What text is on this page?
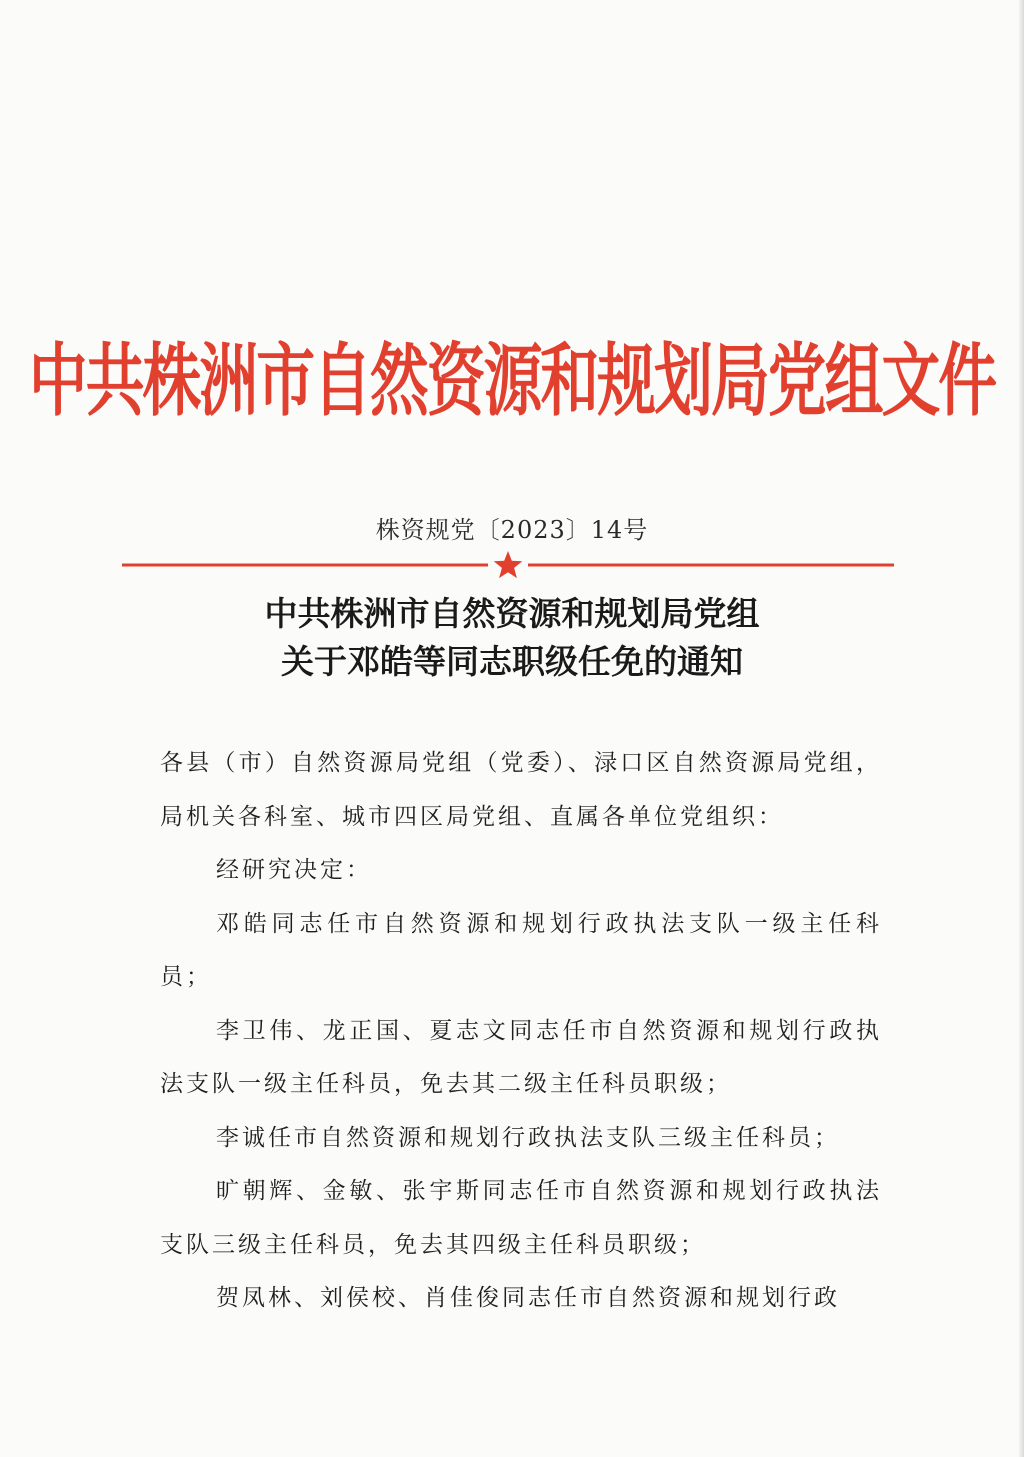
中共株洲市自然资源和规划局党组文件
株资规党〔2023〕14号
中共株洲市自然资源和规划局党组
关于邓皓等同志职级任免的通知

各县（市）自然资源局党组（党委）、渌口区自然资源局党组，局机关各科室、城市四区局党组、直属各单位党组织：

经研究决定：

邓皓同志任市自然资源和规划行政执法支队一级主任科员；

李卫伟、龙正国、夏志文同志任市自然资源和规划行政执法支队一级主任科员，免去其二级主任科员职级；

李诚任市自然资源和规划行政执法支队三级主任科员；

旷朝辉、金敏、张宇斯同志任市自然资源和规划行政执法支队三级主任科员，免去其四级主任科员职级；

贺凤林、刘侯校、肖佳俊同志任市自然资源和规划行政
